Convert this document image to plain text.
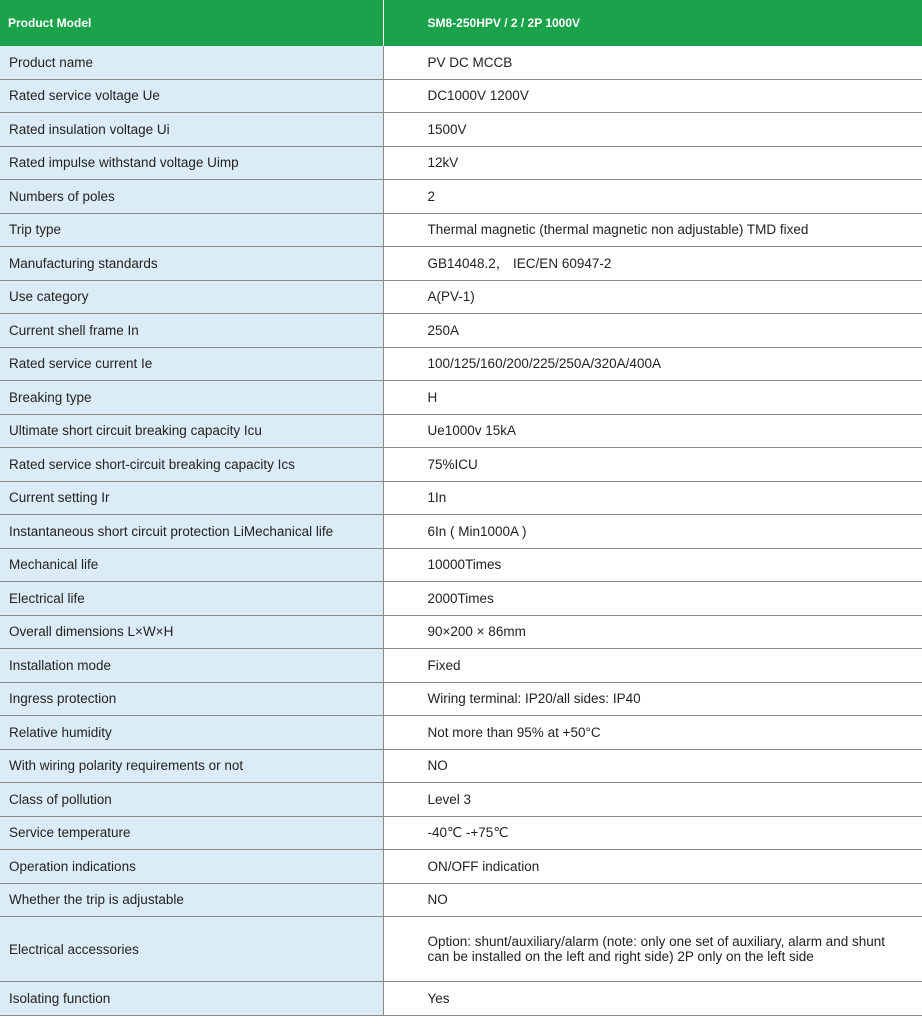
Product Model	SM8-250HPV / 2 / 2P 1000V
Product name	PV DC MCCB
Rated service voltage Ue	DC1000V 1200V
Rated insulation voltage Ui	1500V
Rated impulse withstand voltage Uimp	12kV
Numbers of poles	2
Trip type	Thermal magnetic (thermal magnetic non adjustable) TMD fixed
Manufacturing standards	GB14048.2， IEC/EN 60947-2
Use category	A(PV-1)
Current shell frame In	250A
Rated service current Ie	100/125/160/200/225/250A/320A/400A
Breaking type	H
Ultimate short circuit breaking capacity Icu	Ue1000v 15kA
Rated service short-circuit breaking capacity Ics	75%ICU
Current setting Ir	1In
Instantaneous short circuit protection LiMechanical life	6In ( Min1000A )
Mechanical life	10000Times
Electrical life	2000Times
Overall dimensions L×W×H	90×200 × 86mm
Installation mode	Fixed
Ingress protection	Wiring terminal: IP20/all sides: IP40
Relative humidity	Not more than 95% at +50°C
With wiring polarity requirements or not	NO
Class of pollution	Level 3
Service temperature	-40℃ -+75℃
Operation indications	ON/OFF indication
Whether the trip is adjustable	NO
Electrical accessories	Option: shunt/auxiliary/alarm (note: only one set of auxiliary, alarm and shunt can be installed on the left and right side) 2P only on the left side
Isolating function	Yes
